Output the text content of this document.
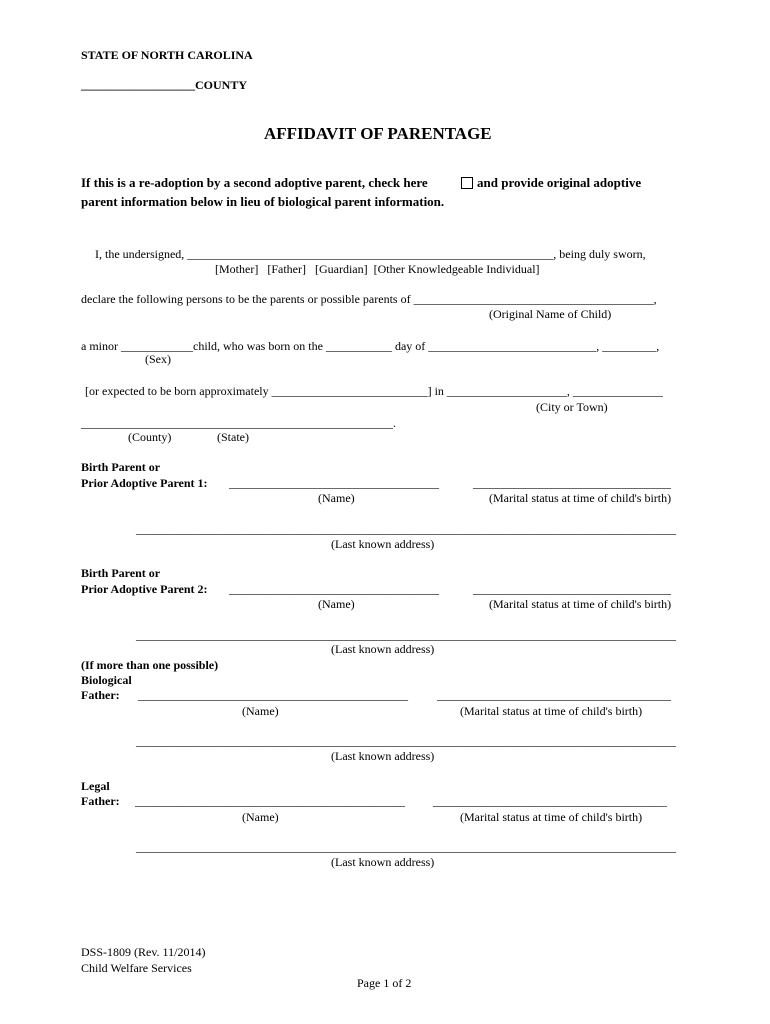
STATE OF NORTH CAROLINA
___________________COUNTY
AFFIDAVIT OF PARENTAGE
If this is a re-adoption by a second adoptive parent, check here	and provide original adoptive
parent information below in lieu of biological parent information.
I, the undersigned, _____________________________________________________________, being duly sworn,
[Mother]   [Father]   [Guardian]  [Other Knowledgeable Individual]
declare the following persons to be the parents or possible parents of ________________________________________,
(Original Name of Child)
a minor ____________child, who was born on the ___________ day of ____________________________, _________,
(Sex)
[or expected to be born approximately __________________________] in ____________________, _______________
(City or Town)
____________________________________________________.
(County)	(State)
Birth Parent or
Prior Adoptive Parent 1: ___________________________________	_________________________________
(Name)	(Marital status at time of child's birth)
__________________________________________________________________________________________
(Last known address)
Birth Parent or
Prior Adoptive Parent 2: ___________________________________	_________________________________
(Name)	(Marital status at time of child's birth)
__________________________________________________________________________________________
(Last known address)
(If more than one possible)
Biological
Father: _____________________________________________ _______________________________________
(Name)	(Marital status at time of child's birth)
__________________________________________________________________________________________
(Last known address)
Legal
Father: _____________________________________________ _______________________________________
(Name)	(Marital status at time of child's birth)
__________________________________________________________________________________________
(Last known address)
DSS-1809 (Rev. 11/2014)
Child Welfare Services
Page 1 of 2
